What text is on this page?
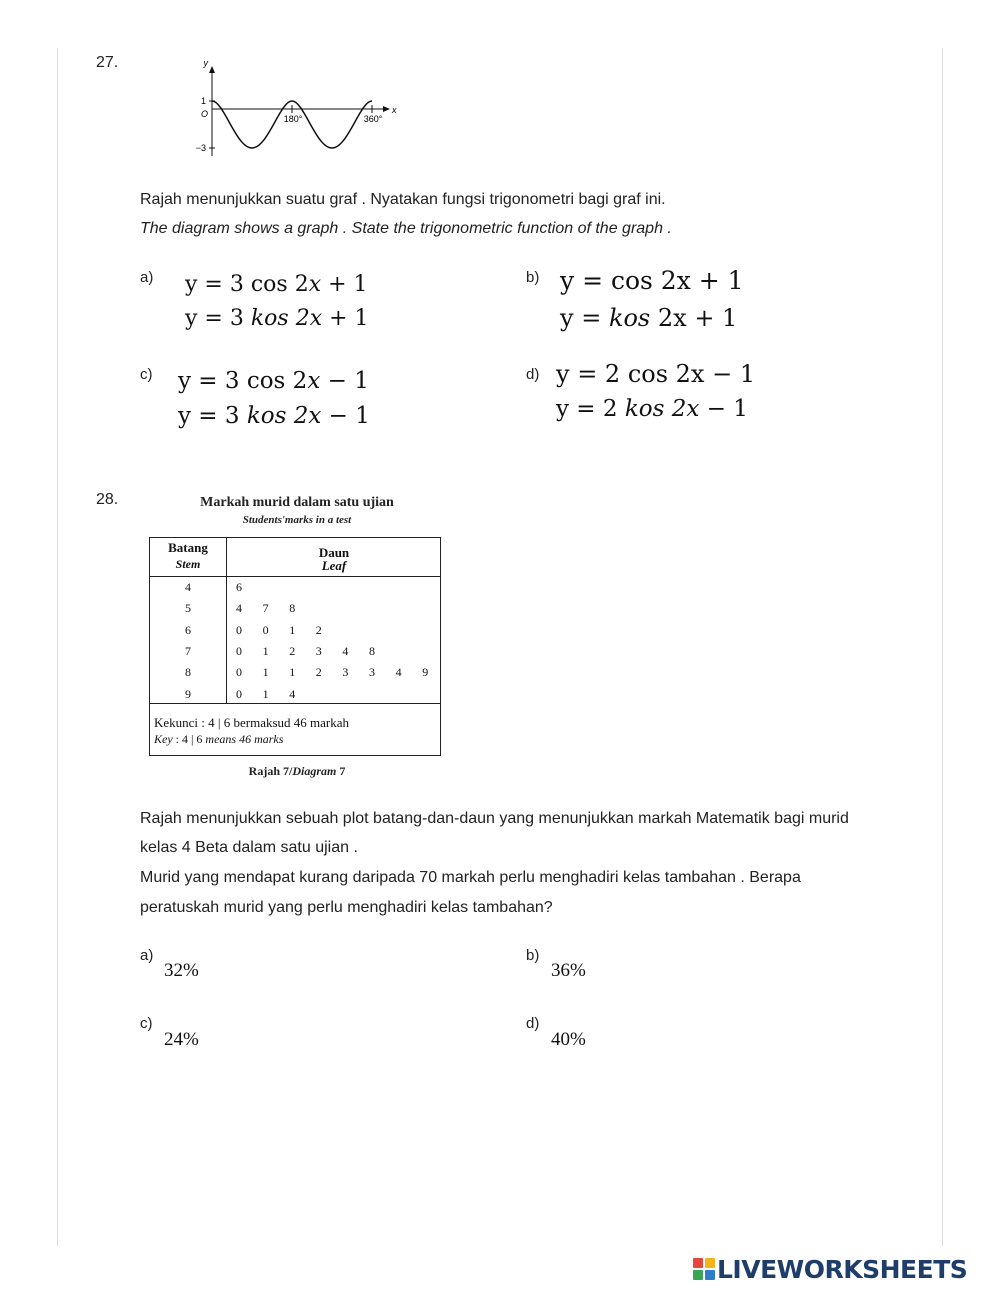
27.	y
x
1
O
−3
180°	360°
Rajah menunjukkan suatu graf . Nyatakan fungsi trigonometri bagi graf ini.
The diagram shows a graph . State the trigonometric function of the graph .
a) y = 3 cos 2x + 1
y = 3 kos 2x + 1
b) y = cos 2x + 1
y = kos 2x + 1
c) y = 3 cos 2x − 1
y = 3 kos 2x − 1
d) y = 2 cos 2x − 1
y = 2 kos 2x − 1
28.	Markah murid dalam satu ujian
Students'marks in a test
Batang
Stem
Daun
Leaf
4	6
5	4	7	8
6	0	0	1	2
7	0	1	2	3	4	8
8	0	1	1	2	3	3	4	9
9	0	1	4
Kekunci : 4 | 6 bermaksud 46 markah
Key : 4 | 6 means 46 marks
Rajah 7/Diagram 7
Rajah menunjukkan sebuah plot batang-dan-daun yang menunjukkan markah Matematik bagi murid
kelas 4 Beta dalam satu ujian .
Murid yang mendapat kurang daripada 70 markah perlu menghadiri kelas tambahan . Berapa
peratuskah murid yang perlu menghadiri kelas tambahan?
a)
32%
b)
36%
c)
24%
d)
40%
LIVEWORKSHEETS
